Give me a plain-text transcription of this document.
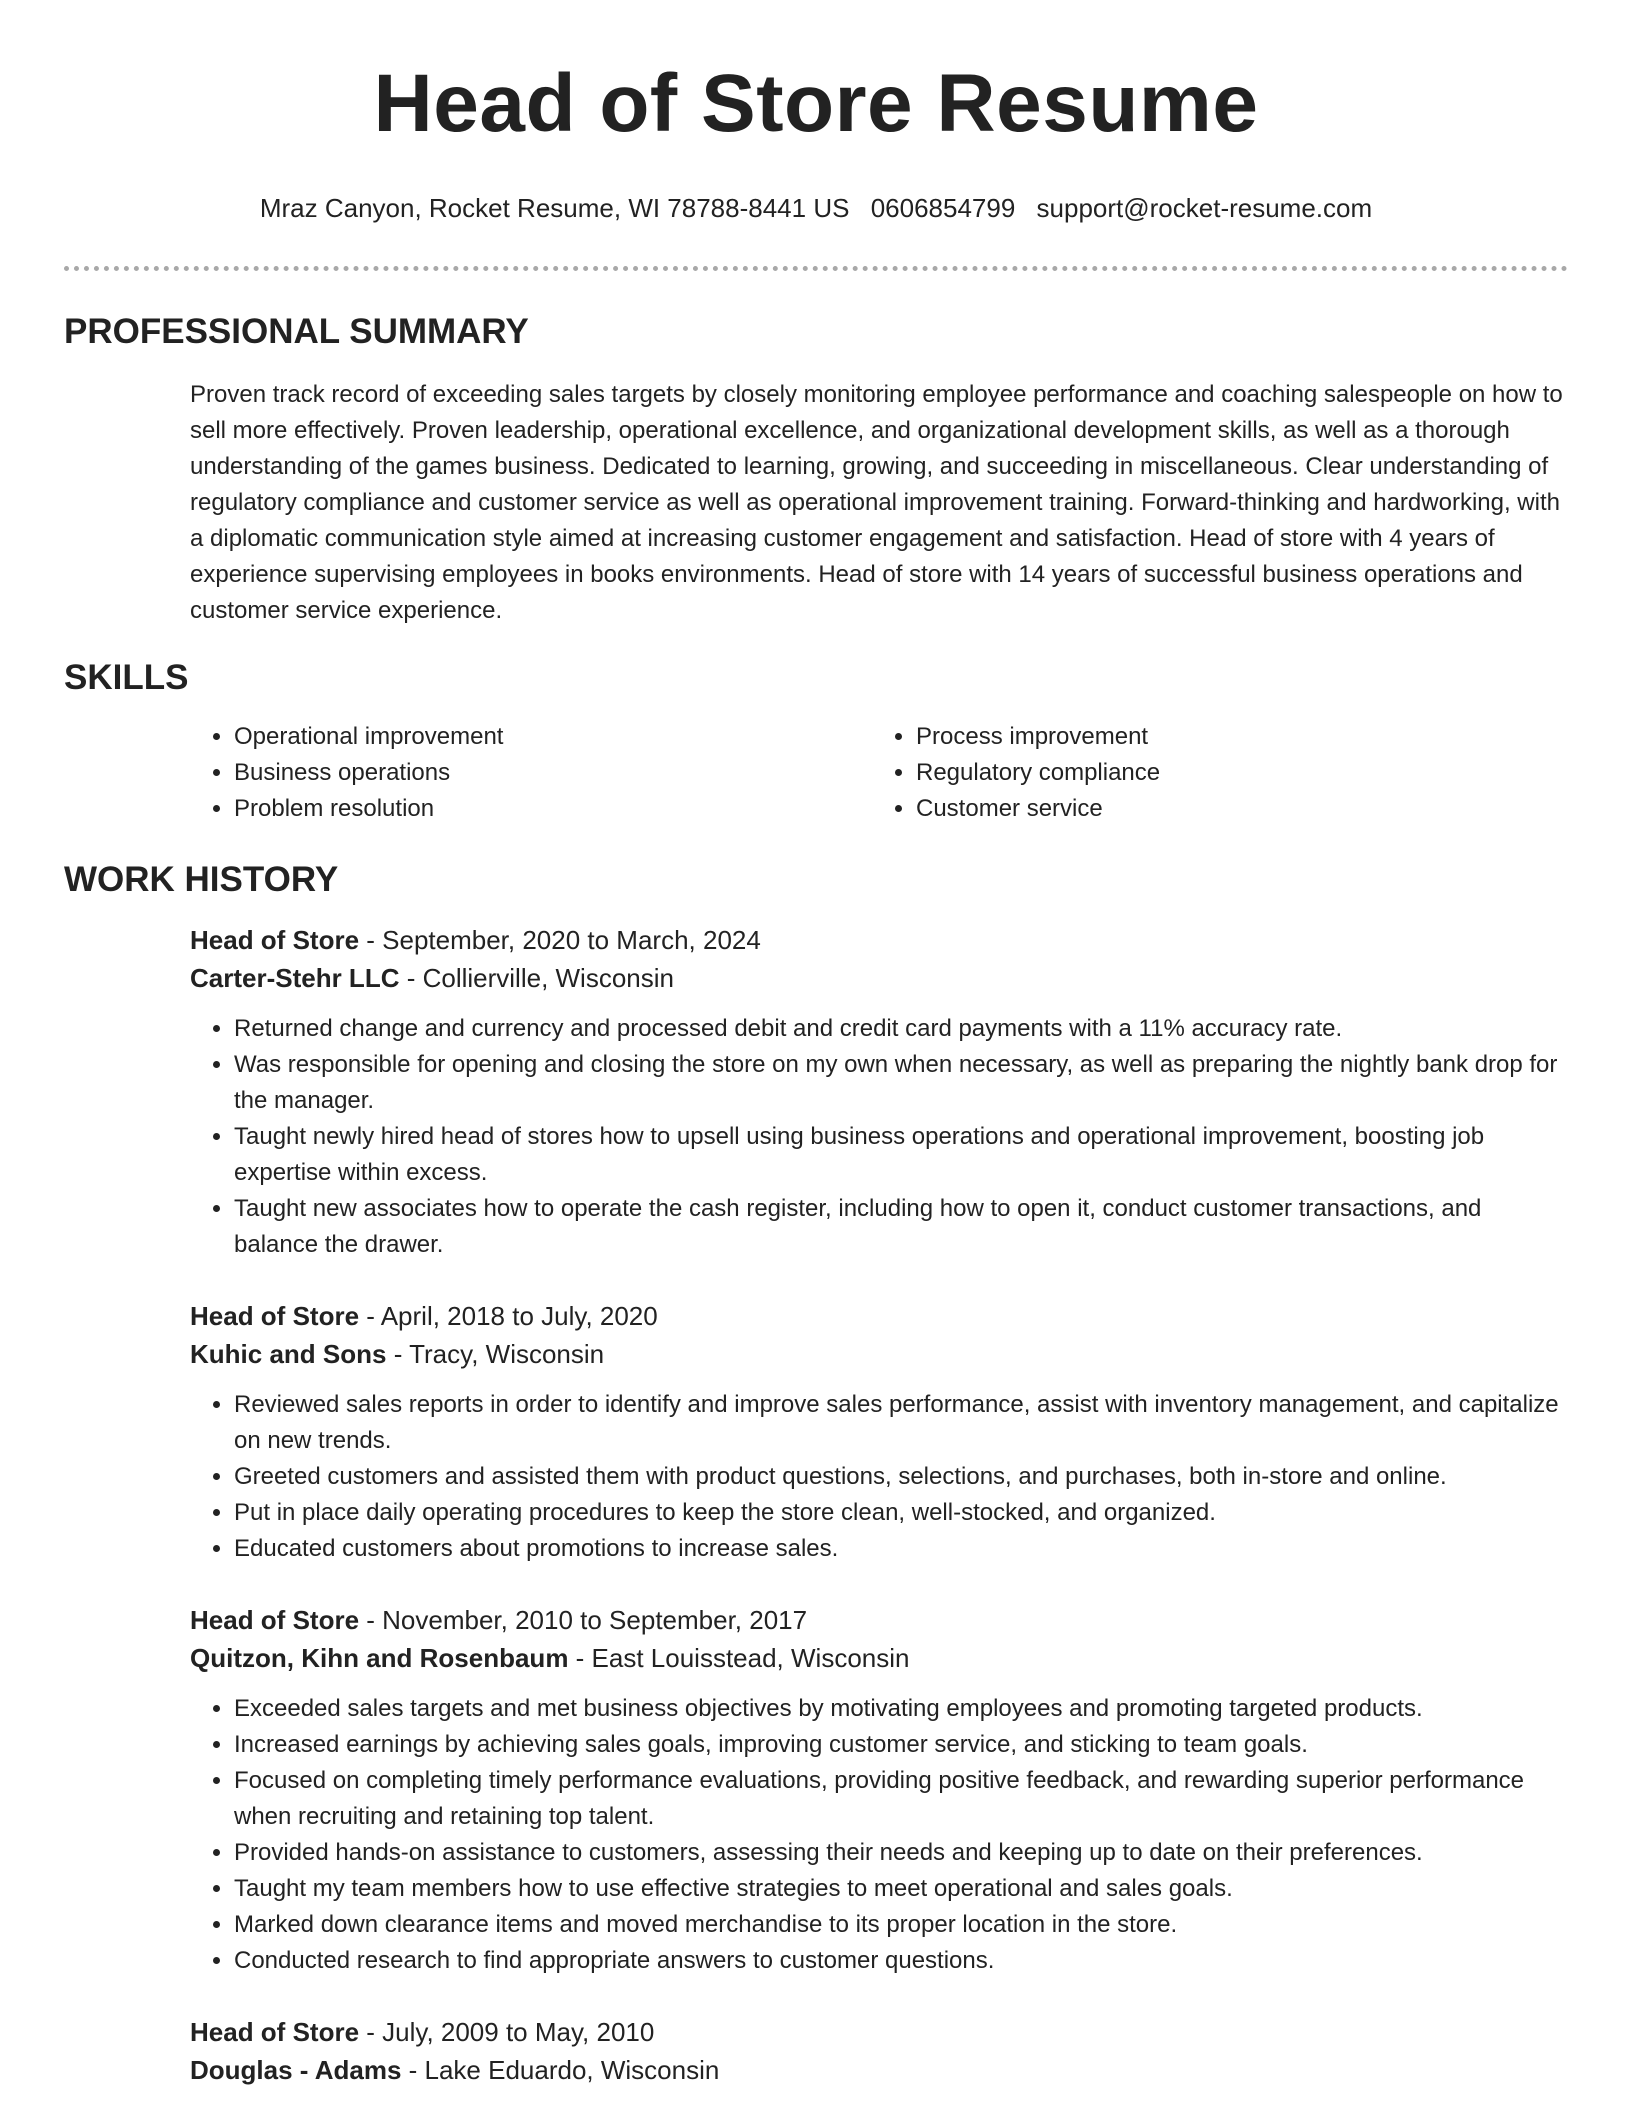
Head of Store Resume
Mraz Canyon, Rocket Resume, WI 78788-8441 US 0606854799 support@rocket-resume.com
PROFESSIONAL SUMMARY

Proven track record of exceeding sales targets by closely monitoring employee performance and coaching salespeople on how to sell more effectively. Proven leadership, operational excellence, and organizational development skills, as well as a thorough understanding of the games business. Dedicated to learning, growing, and succeeding in miscellaneous. Clear understanding of regulatory compliance and customer service as well as operational improvement training. Forward-thinking and hardworking, with a diplomatic communication style aimed at increasing customer engagement and satisfaction. Head of store with 4 years of experience supervising employees in books environments. Head of store with 14 years of successful business operations and customer service experience.

SKILLS
• Operational improvement
• Business operations
• Problem resolution
• Process improvement
• Regulatory compliance
• Customer service
WORK HISTORY
Head of Store - September, 2020 to March, 2024
Carter-Stehr LLC - Collierville, Wisconsin
• Returned change and currency and processed debit and credit card payments with a 11% accuracy rate.
• Was responsible for opening and closing the store on my own when necessary, as well as preparing the nightly bank drop for the manager.
• Taught newly hired head of stores how to upsell using business operations and operational improvement, boosting job expertise within excess.
• Taught new associates how to operate the cash register, including how to open it, conduct customer transactions, and balance the drawer.
Head of Store - April, 2018 to July, 2020
Kuhic and Sons - Tracy, Wisconsin
• Reviewed sales reports in order to identify and improve sales performance, assist with inventory management, and capitalize on new trends.
• Greeted customers and assisted them with product questions, selections, and purchases, both in-store and online.
• Put in place daily operating procedures to keep the store clean, well-stocked, and organized.
• Educated customers about promotions to increase sales.
Head of Store - November, 2010 to September, 2017
Quitzon, Kihn and Rosenbaum - East Louisstead, Wisconsin
• Exceeded sales targets and met business objectives by motivating employees and promoting targeted products.
• Increased earnings by achieving sales goals, improving customer service, and sticking to team goals.
• Focused on completing timely performance evaluations, providing positive feedback, and rewarding superior performance when recruiting and retaining top talent.
• Provided hands-on assistance to customers, assessing their needs and keeping up to date on their preferences.
• Taught my team members how to use effective strategies to meet operational and sales goals.
• Marked down clearance items and moved merchandise to its proper location in the store.
• Conducted research to find appropriate answers to customer questions.
Head of Store - July, 2009 to May, 2010
Douglas - Adams - Lake Eduardo, Wisconsin
